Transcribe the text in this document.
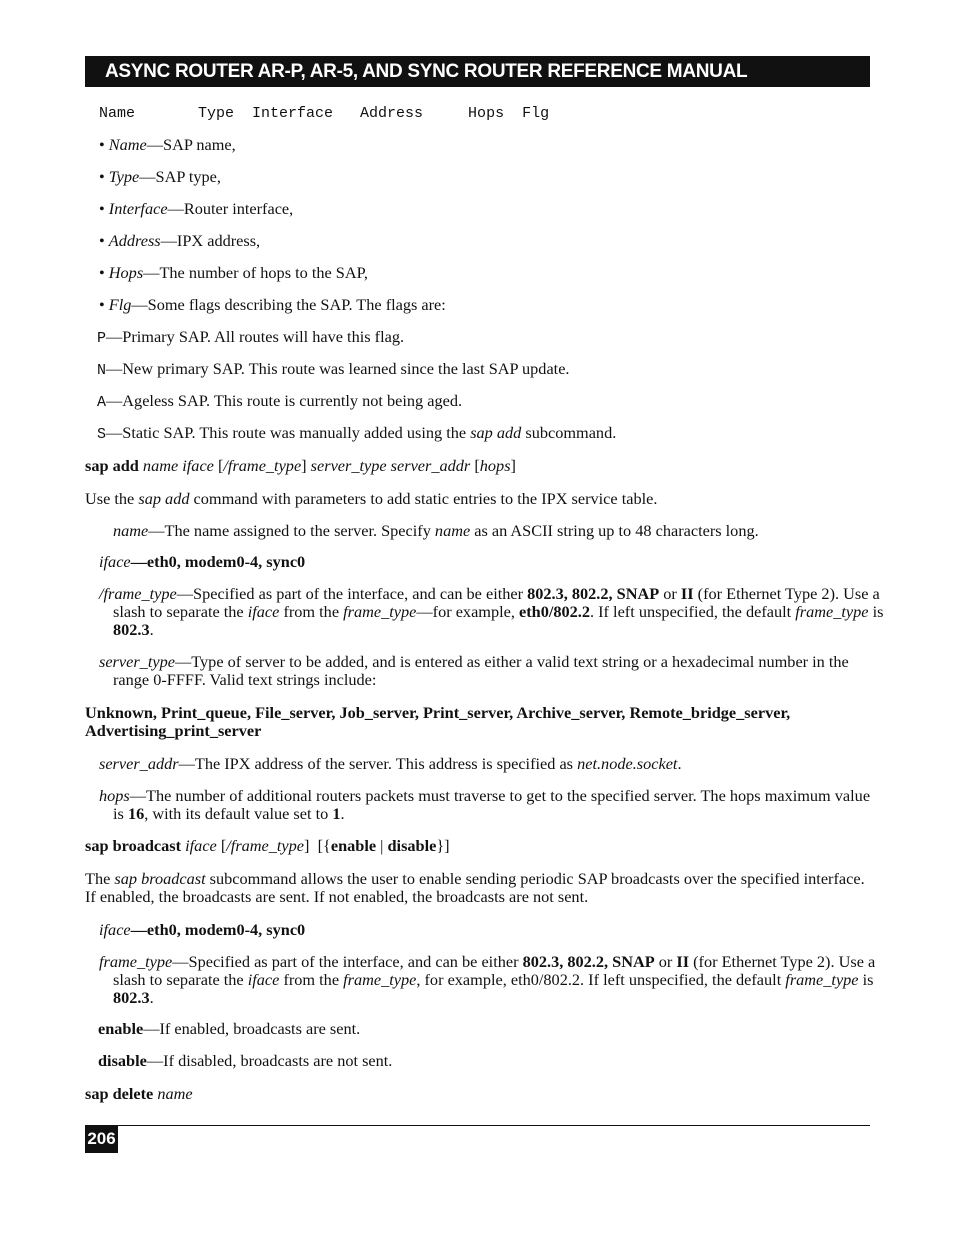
ASYNC ROUTER AR-P, AR-5, AND SYNC ROUTER REFERENCE MANUAL
Name       Type  Interface   Address     Hops  Flg
• Name—SAP name,
• Type—SAP type,
• Interface—Router interface,
• Address—IPX address,
• Hops—The number of hops to the SAP,
• Flg—Some flags describing the SAP. The flags are:
P—Primary SAP. All routes will have this flag.
N—New primary SAP. This route was learned since the last SAP update.
A—Ageless SAP. This route is currently not being aged.
S—Static SAP. This route was manually added using the sap add subcommand.
sap add name iface [/frame_type] server_type server_addr [hops]
Use the sap add command with parameters to add static entries to the IPX service table.
name—The name assigned to the server. Specify name as an ASCII string up to 48 characters long.
iface—eth0, modem0-4, sync0
/frame_type—Specified as part of the interface, and can be either 802.3, 802.2, SNAP or II (for Ethernet Type 2). Use a slash to separate the iface from the frame_type—for example, eth0/802.2. If left unspecified, the default frame_type is 802.3.
server_type—Type of server to be added, and is entered as either a valid text string or a hexadecimal number in the range 0-FFFF. Valid text strings include:
Unknown, Print_queue, File_server, Job_server, Print_server, Archive_server, Remote_bridge_server, Advertising_print_server
server_addr—The IPX address of the server. This address is specified as net.node.socket.
hops—The number of additional routers packets must traverse to get to the specified server. The hops maximum value is 16, with its default value set to 1.
sap broadcast iface [/frame_type]  [{enable | disable}]
The sap broadcast subcommand allows the user to enable sending periodic SAP broadcasts over the specified interface. If enabled, the broadcasts are sent. If not enabled, the broadcasts are not sent.
iface—eth0, modem0-4, sync0
frame_type—Specified as part of the interface, and can be either 802.3, 802.2, SNAP or II (for Ethernet Type 2). Use a slash to separate the iface from the frame_type, for example, eth0/802.2. If left unspecified, the default frame_type is 802.3.
enable—If enabled, broadcasts are sent.
disable—If disabled, broadcasts are not sent.
sap delete name
206
